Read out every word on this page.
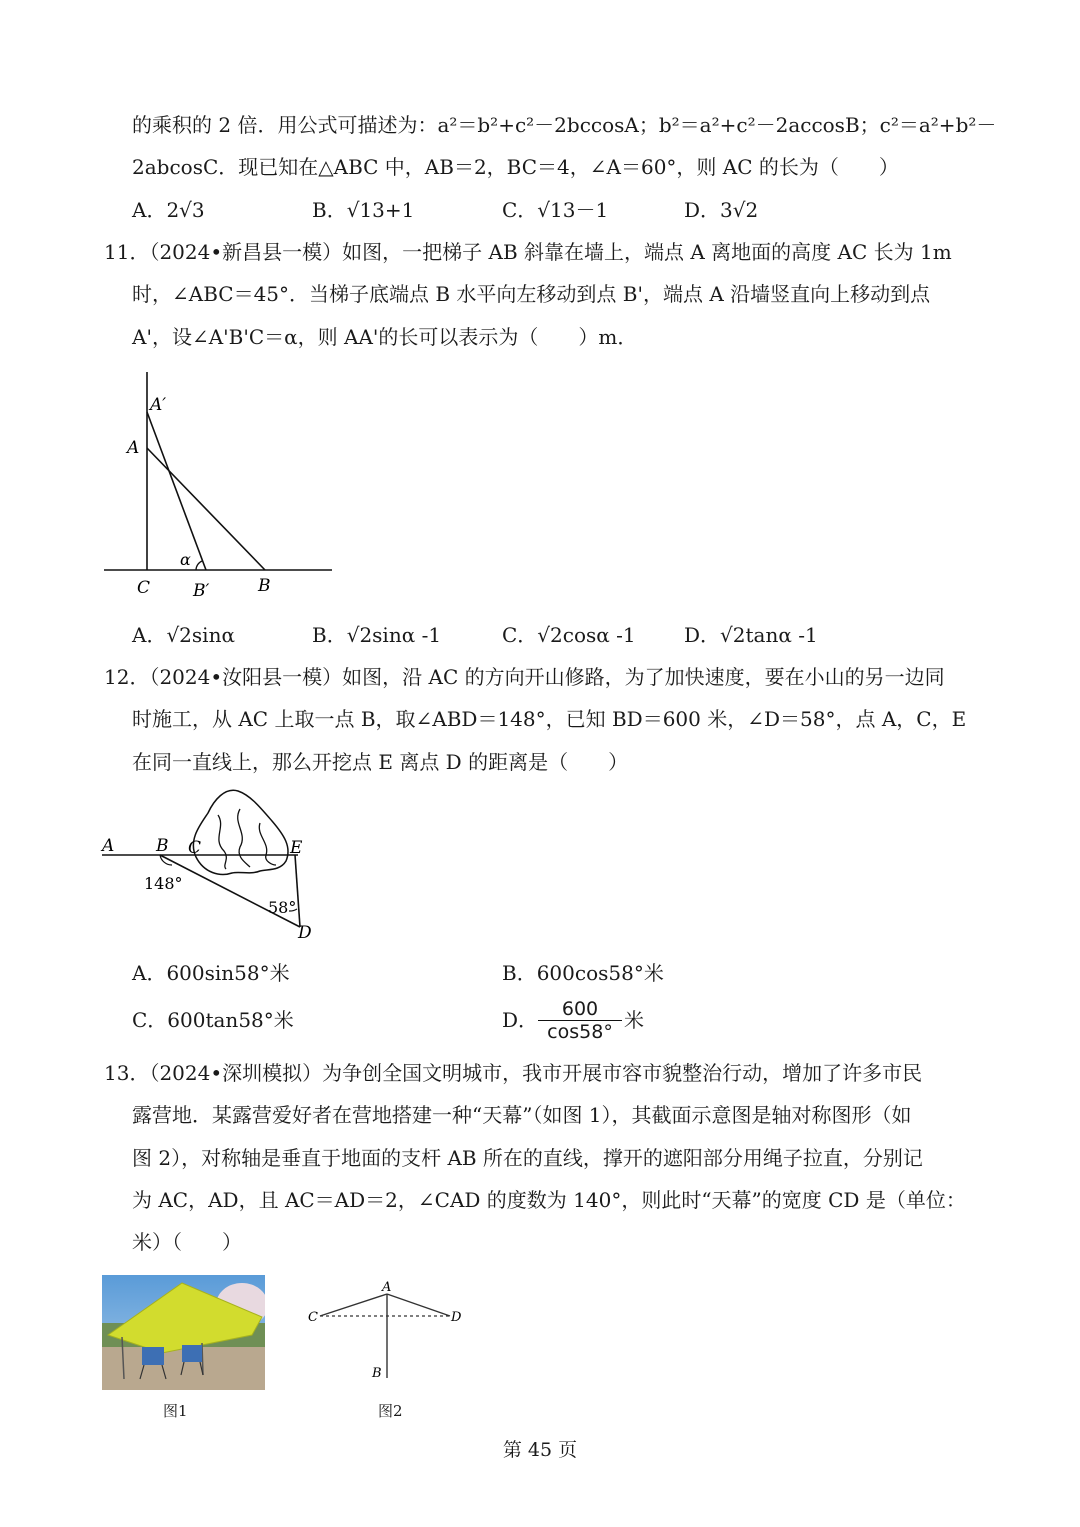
的乘积的 2 倍．用公式可描述为：a²＝b²+c²－2bccosA；b²＝a²+c²－2accosB；c²＝a²+b²－
2abcosC．现已知在△ABC 中，AB＝2，BC＝4，∠A＝60°，则 AC 的长为（　　）
A．2√3	B．√13+1	C．√13－1	D．3√2
11．（2024•新昌县一模）如图，一把梯子 AB 斜靠在墙上，端点 A 离地面的高度 AC 长为 1m
时，∠ABC＝45°．当梯子底端点 B 水平向左移动到点 B'，端点 A 沿墙竖直向上移动到点
A'，设∠A'B'C＝α，则 AA'的长可以表示为（　　）m．
A′
A
C	B′	B
α
A．√2sinα	B．√2sinα -1	C．√2cosα -1 D．√2tanα -1
12．（2024•汝阳县一模）如图，沿 AC 的方向开山修路，为了加快速度，要在小山的另一边同
时施工，从 AC 上取一点 B，取∠ABD＝148°，已知 BD＝600 米，∠D＝58°，点 A，C，E
在同一直线上，那么开挖点 E 离点 D 的距离是（　　）
A B C	E
D
148°
58°
A．600sin58°米	B．600cos58°米
C．600tan58°米	D． $\frac{600}{\cos 58^\circ}$ 米
13．（2024•深圳模拟）为争创全国文明城市，我市开展市容市貌整治行动，增加了许多市民
露营地．某露营爱好者在营地搭建一种“天幕”（如图 1），其截面示意图是轴对称图形（如
图 2），对称轴是垂直于地面的支杆 AB 所在的直线，撑开的遮阳部分用绳子拉直，分别记
为 AC，AD，且 AC＝AD＝2，∠CAD 的度数为 140°，则此时“天幕”的宽度 CD 是（单位：
米）（　　）
图1
A
C	D
B
图2
第 45 页
